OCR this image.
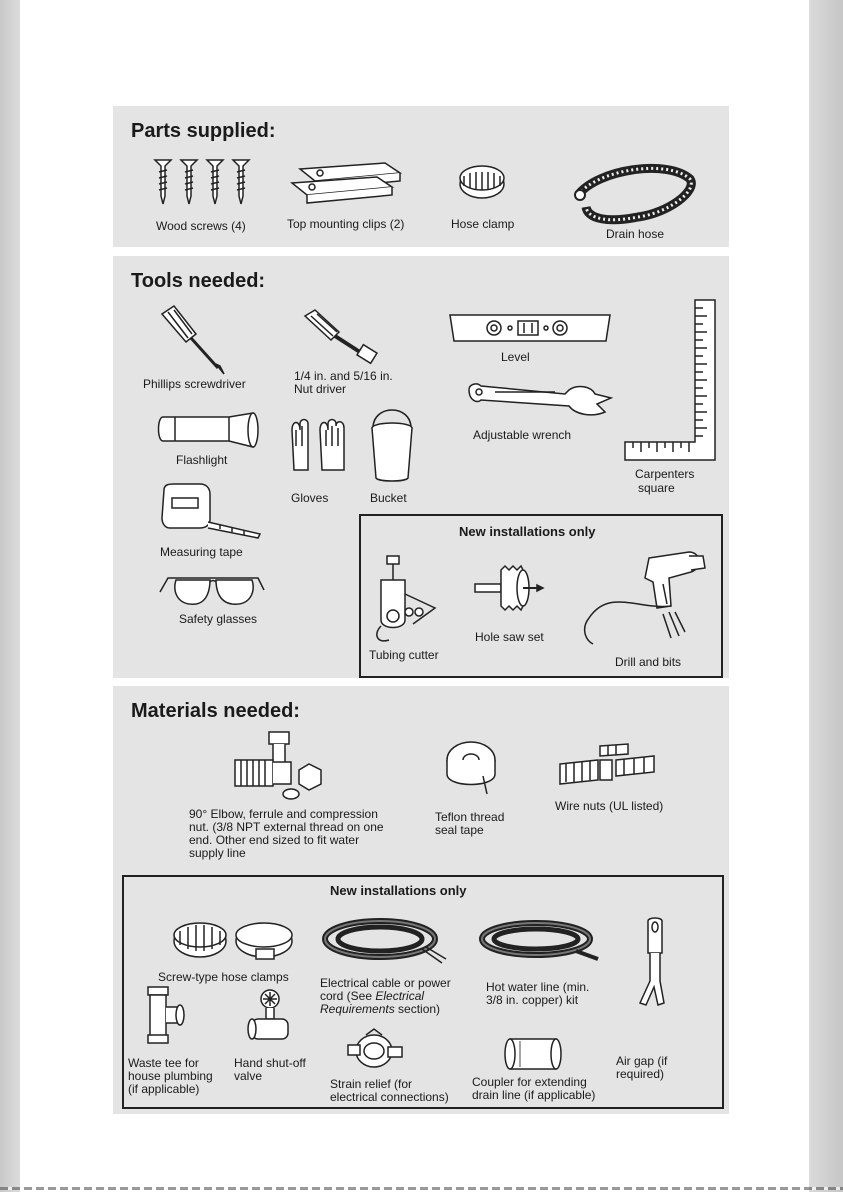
Parts supplied:
Wood screws (4)	Top mounting clips (2)	Hose clamp
Drain hose
Tools needed:
Phillips screwdriver
1/4 in. and 5/16 in.
Nut driver
Level
Adjustable wrench
Carpenters
square
Flashlight
Gloves	Bucket
Measuring tape
Safety glasses
New installations only
Tubing cutter
Hole saw set
Drill and bits
Materials needed:
90° Elbow, ferrule and compression
nut. (3/8 NPT external thread on one
end. Other end sized to fit water
supply line
Teflon thread
seal tape
Wire nuts (UL listed)
New installations only
Screw-type hose clamps	Electrical cable or power
cord (See Electrical
Requirements section)
Hot water line (min.
3/8 in. copper) kit
Air gap (if
required)
Waste tee for
house plumbing
(if applicable)
Hand shut-off
valve
Strain relief (for
electrical connections)
Coupler for extending
drain line (if applicable)
